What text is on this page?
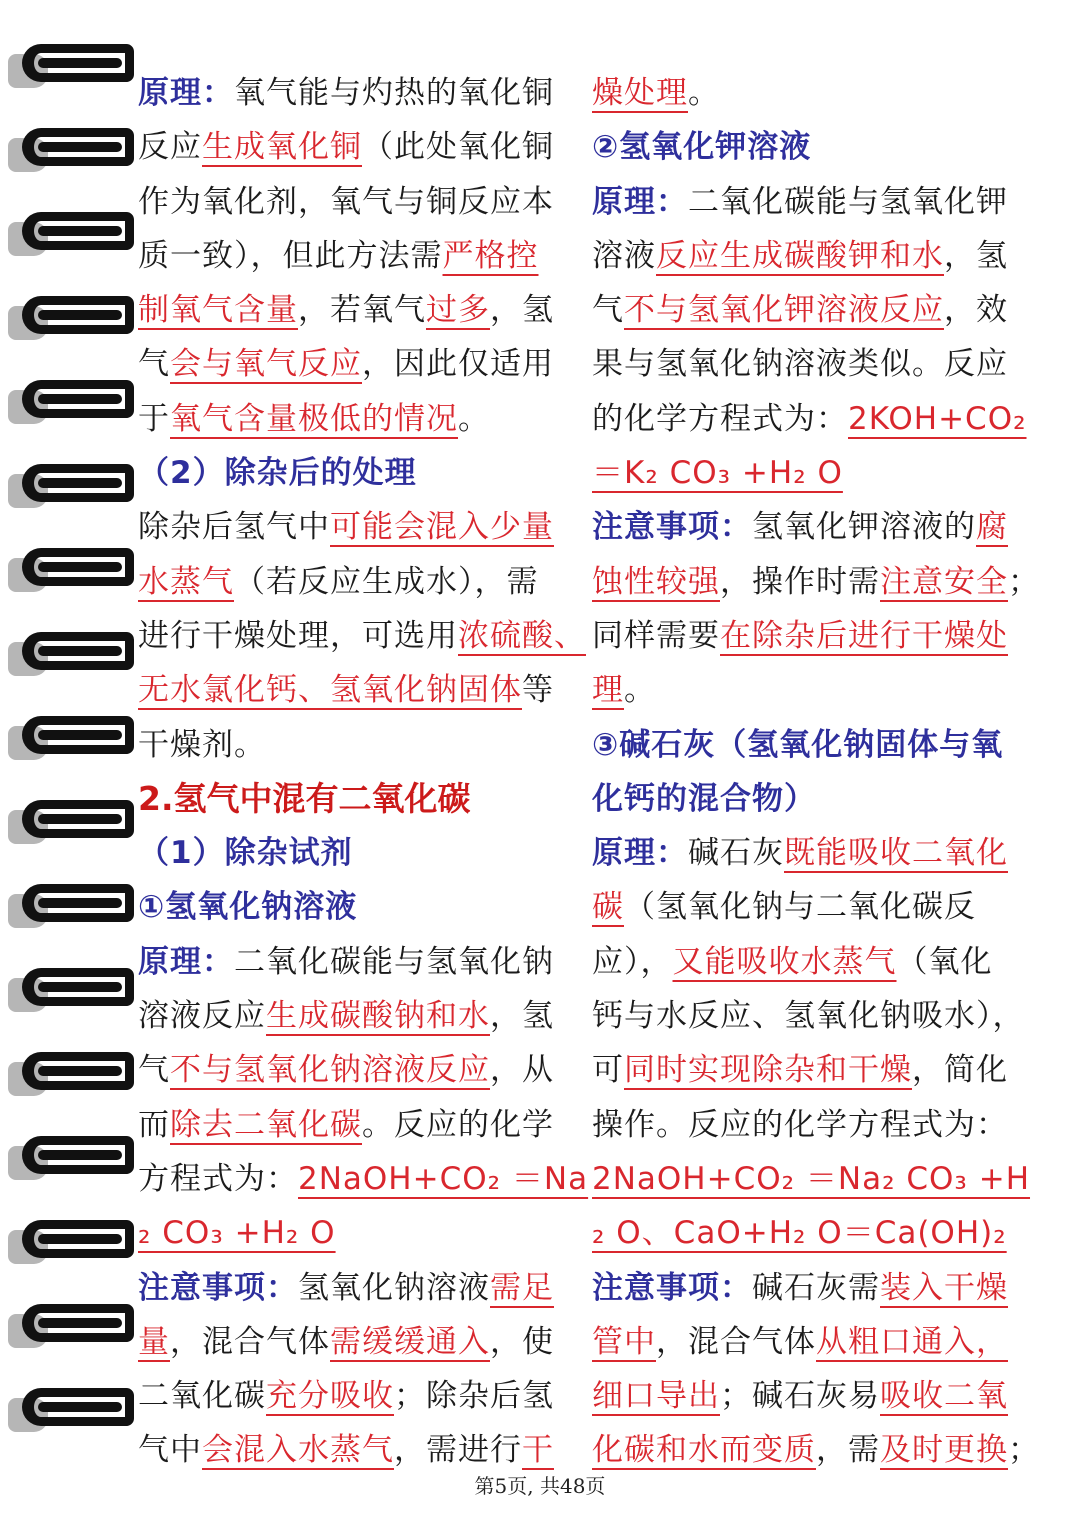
原理：氧气能与灼热的氧化铜
反应生成氧化铜（此处氧化铜
作为氧化剂，氧气与铜反应本
质一致），但此方法需严格控
制氧气含量，若氧气过多，氢
气会与氧气反应，因此仅适用
于氧气含量极低的情况。
（2）除杂后的处理
除杂后氢气中可能会混入少量
水蒸气（若反应生成水），需
进行干燥处理，可选用浓硫酸、
无水氯化钙、氢氧化钠固体等
干燥剂。
2.氢气中混有二氧化碳
（1）除杂试剂
①氢氧化钠溶液
原理：二氧化碳能与氢氧化钠
溶液反应生成碳酸钠和水，氢
气不与氢氧化钠溶液反应，从
而除去二氧化碳。反应的化学
方程式为：2NaOH+CO₂ ＝Na
₂ CO₃ +H₂ O
注意事项：氢氧化钠溶液需足
量，混合气体需缓缓通入，使
二氧化碳充分吸收；除杂后氢
气中会混入水蒸气，需进行干
燥处理。
②氢氧化钾溶液
原理：二氧化碳能与氢氧化钾
溶液反应生成碳酸钾和水，氢
气不与氢氧化钾溶液反应，效
果与氢氧化钠溶液类似。反应
的化学方程式为：2KOH+CO₂
＝K₂ CO₃ +H₂ O
注意事项：氢氧化钾溶液的腐
蚀性较强，操作时需注意安全；
同样需要在除杂后进行干燥处
理。
③碱石灰（氢氧化钠固体与氧
化钙的混合物）
原理：碱石灰既能吸收二氧化
碳（氢氧化钠与二氧化碳反
应），又能吸收水蒸气（氧化
钙与水反应、氢氧化钠吸水），
可同时实现除杂和干燥，简化
操作。反应的化学方程式为：
2NaOH+CO₂ ＝Na₂ CO₃ +H
₂ O、CaO+H₂ O＝Ca(OH)₂
注意事项：碱石灰需装入干燥
管中，混合气体从粗口通入，
细口导出；碱石灰易吸收二氧
化碳和水而变质，需及时更换；
第5页, 共48页
